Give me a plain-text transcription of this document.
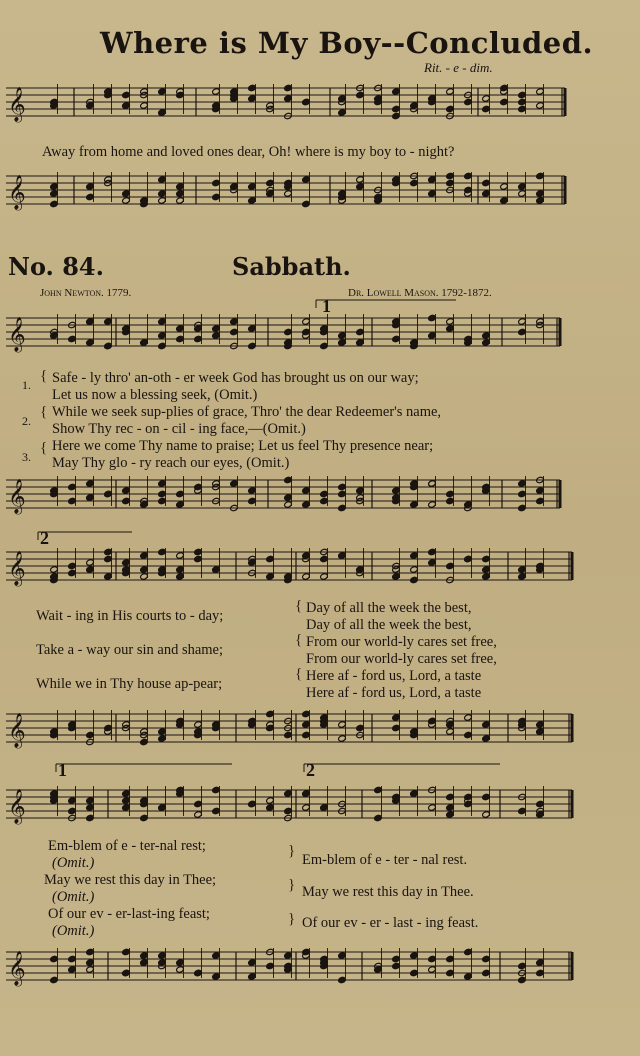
Where is My Boy--Concluded.
Rit. - e - dim.
𝄞
𝄞
𝄞
𝄞
𝄞
𝄞
𝄞
𝄞
Away from home and loved ones dear, Oh! where is my boy to - night?
No. 84.	Sabbath.
John Newton. 1779.	Dr. Lowell Mason. 1792-1872.
1
2
1	2
1.
2.
3.
{
{
{
Safe - ly thro' an-oth - er week God has brought us on our way;
Let us now a blessing seek, (Omit.)
While we seek sup-plies of grace, Thro' the dear Redeemer's name,
Show Thy rec - on - cil - ing face,—(Omit.)
Here we come Thy name to praise; Let us feel Thy presence near;
May Thy glo - ry reach our eyes, (Omit.)
Wait - ing in His courts to - day;
Take a - way our sin and shame;
While we in Thy house ap-pear;
{
{
{
Day of all the week the best,
Day of all the week the best,
From our world-ly cares set free,
From our world-ly cares set free,
Here af - ford us, Lord, a taste
Here af - ford us, Lord, a taste
Em-blem of e - ter-nal rest;
(Omit.)
May we rest this day in Thee;
(Omit.)
Of our ev - er-last-ing feast;
(Omit.)
}
}
}
Em-blem of e - ter - nal rest.
May we rest this day in Thee.
Of our ev - er - last - ing feast.
